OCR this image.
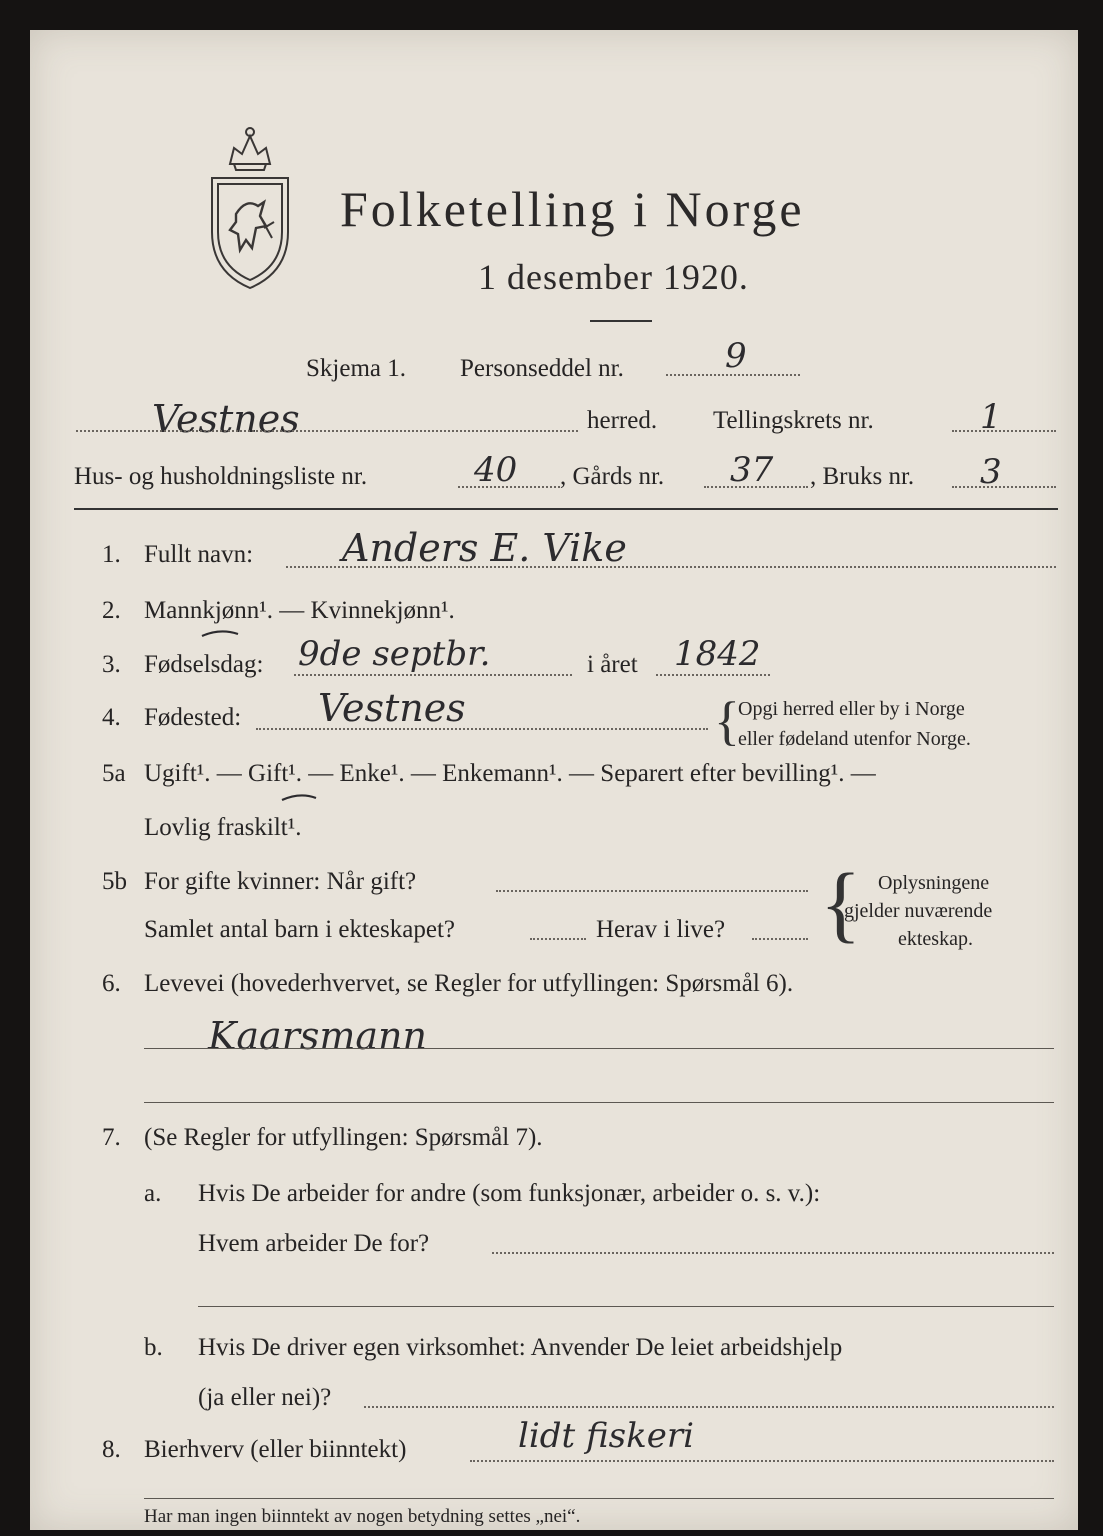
Folketelling i Norge
1 desember 1920.
Skjema 1. Personseddel nr.	9
Vestnes	herred. Tellingskrets nr.	1
Hus- og husholdningsliste nr.	40 , Gårds nr. 37 , Bruks nr. 3
1. Fullt navn: Anders E. Vike
2. Mannkjønn¹. — Kvinnekjønn¹.
3. Fødselsdag: 9de septbr.	i året 1842
4. Fødested: Vestnes	{
Opgi herred eller by i Norge
eller fødeland utenfor Norge.
5a Ugift¹. — Gift¹. — Enke¹. — Enkemann¹. — Separert efter bevilling¹. —
Lovlig fraskilt¹.
5b For gifte kvinner: Når gift?
Samlet antal barn i ekteskapet?	Herav i live? { Oplysningene
gjelder nuværende
ekteskap.
6. Levevei (hovederhvervet, se Regler for utfyllingen: Spørsmål 6).
Kaarsmann
7. (Se Regler for utfyllingen: Spørsmål 7).
a. Hvis De arbeider for andre (som funksjonær, arbeider o. s. v.):
Hvem arbeider De for?
b. Hvis De driver egen virksomhet: Anvender De leiet arbeidshjelp
(ja eller nei)?
8. Bierhverv (eller biinntekt)	lidt fiskeri
Har man ingen biinntekt av nogen betydning settes „nei“.
